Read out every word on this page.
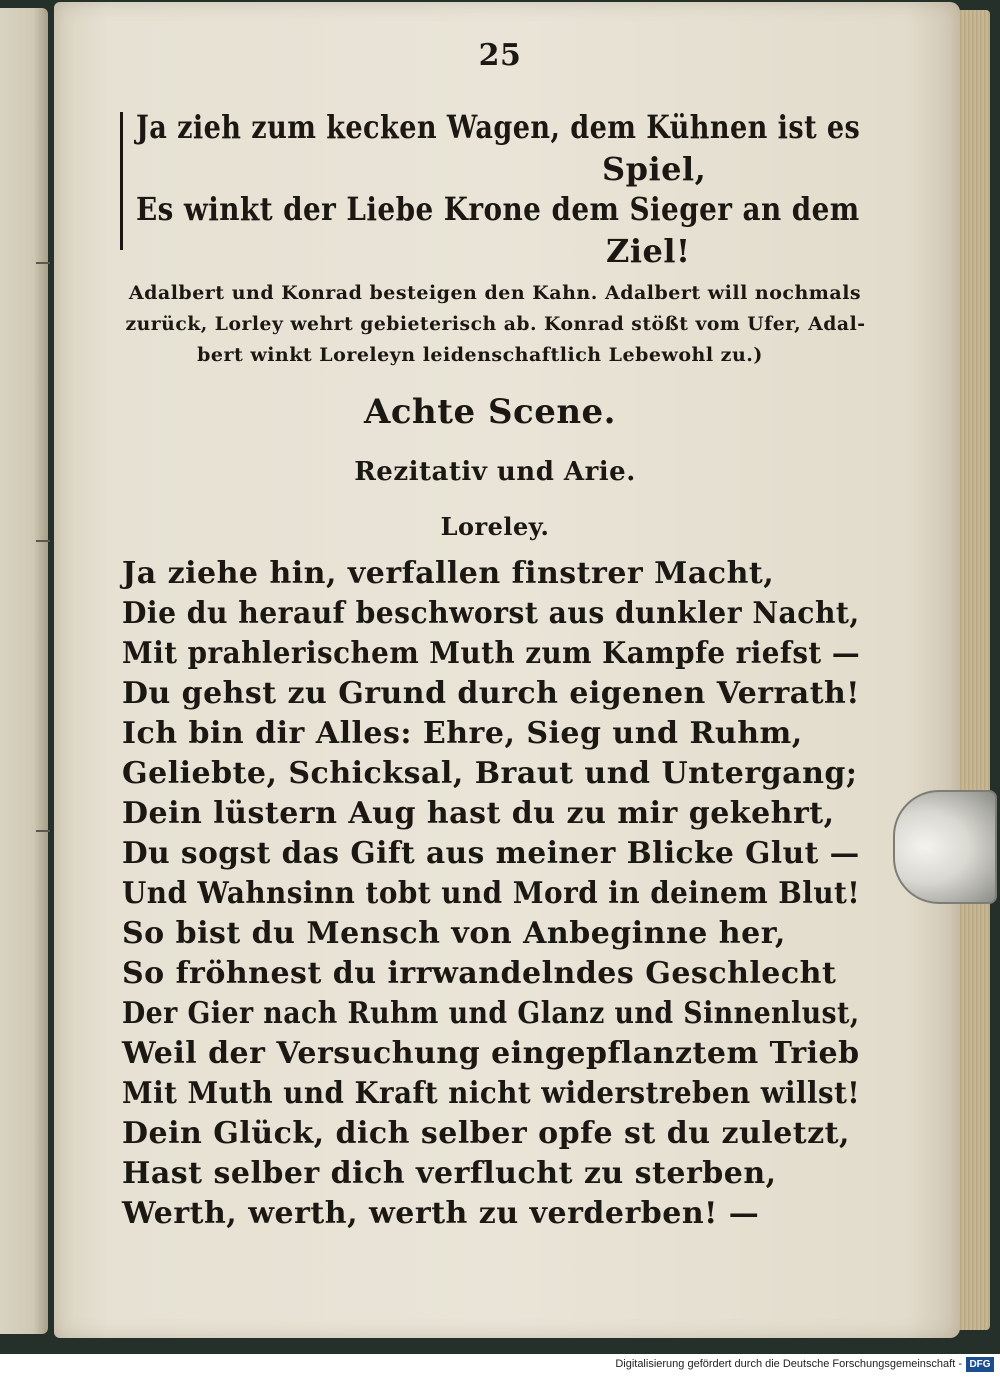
25
Ja zieh zum kecken Wagen, dem Kühnen ist es
Spiel,
Es winkt der Liebe Krone dem Sieger an dem
Ziel!
Adalbert und Konrad besteigen den Kahn. Adalbert will nochmals
zurück, Lorley wehrt gebieterisch ab. Konrad stößt vom Ufer, Adal-
bert winkt Loreleyn leidenschaftlich Lebewohl zu.)
Achte Scene.
Rezitativ und Arie.
Loreley.
Ja ziehe hin, verfallen finstrer Macht,
Die du herauf beschworst aus dunkler Nacht,
Mit prahlerischem Muth zum Kampfe riefst —
Du gehst zu Grund durch eigenen Verrath!
Ich bin dir Alles: Ehre, Sieg und Ruhm,
Geliebte, Schicksal, Braut und Untergang;
Dein lüstern Aug hast du zu mir gekehrt,
Du sogst das Gift aus meiner Blicke Glut —
Und Wahnsinn tobt und Mord in deinem Blut!
So bist du Mensch von Anbeginne her,
So fröhnest du irrwandelndes Geschlecht
Der Gier nach Ruhm und Glanz und Sinnenlust,
Weil der Versuchung eingepflanztem Trieb
Mit Muth und Kraft nicht widerstreben willst!
Dein Glück, dich selber opfe st du zuletzt,
Hast selber dich verflucht zu sterben,
Werth, werth, werth zu verderben! —
Digitalisierung gefördert durch die Deutsche Forschungsgemeinschaft - DFG
